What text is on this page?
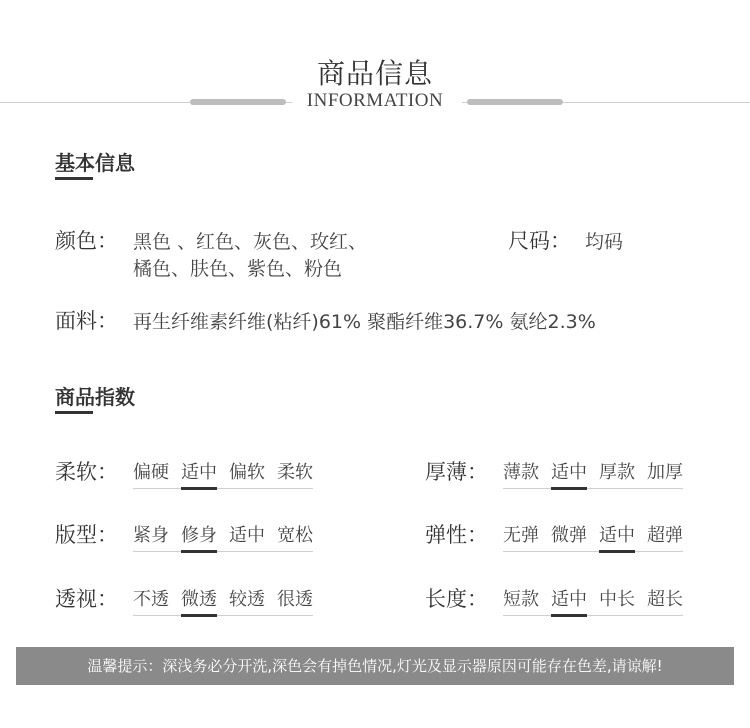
商品信息
INFORMATION
基本信息
颜色： 黑色 、红色、灰色、玫红、
橘色、肤色、紫色、粉色
尺码： 均码
面料： 再生纤维素纤维(粘纤)61% 聚酯纤维36.7% 氨纶2.3%
商品指数
柔软： 偏硬 适中 偏软 柔软	厚薄： 薄款 适中 厚款 加厚
版型： 紧身 修身 适中 宽松	弹性： 无弹 微弹 适中 超弹
透视： 不透 微透 较透 很透	长度： 短款 适中 中长 超长
温馨提示：深浅务必分开洗,深色会有掉色情况,灯光及显示器原因可能存在色差,请谅解!
